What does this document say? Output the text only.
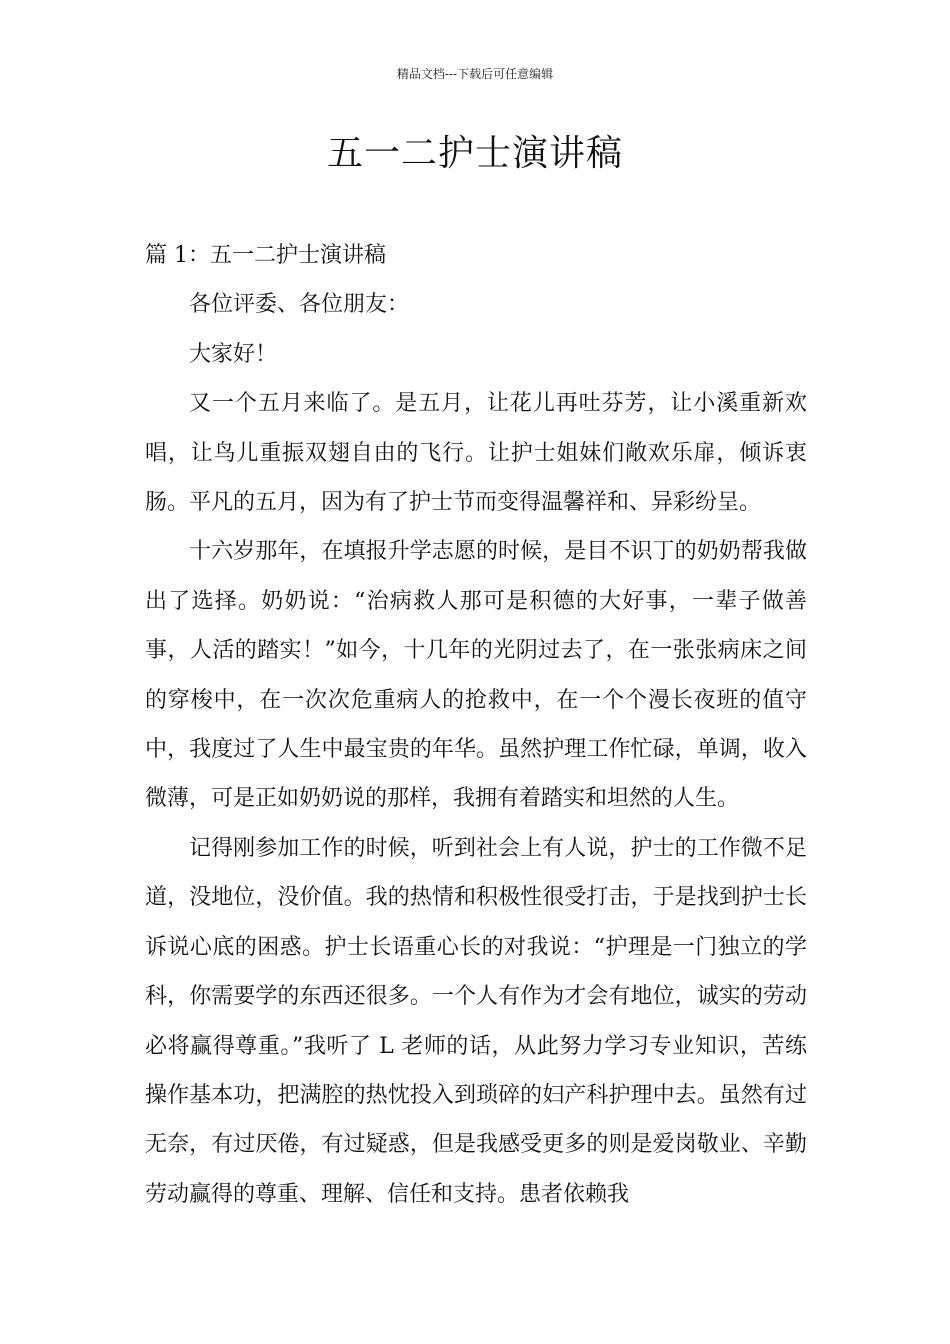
精品文档---下载后可任意编辑
五一二护士演讲稿

篇 1：五一二护士演讲稿

各位评委、各位朋友：

大家好！

又一个五月来临了。是五月，让花儿再吐芬芳，让小溪重新欢唱，让鸟儿重振双翅自由的飞行。让护士姐妹们敞欢乐扉，倾诉衷肠。平凡的五月，因为有了护士节而变得温馨祥和、异彩纷呈。

十六岁那年，在填报升学志愿的时候，是目不识丁的奶奶帮我做出了选择。奶奶说：“治病救人那可是积德的大好事，一辈子做善事，人活的踏实！”如今，十几年的光阴过去了，在一张张病床之间的穿梭中，在一次次危重病人的抢救中，在一个个漫长夜班的值守中，我度过了人生中最宝贵的年华。虽然护理工作忙碌，单调，收入微薄，可是正如奶奶说的那样，我拥有着踏实和坦然的人生。

记得刚参加工作的时候，听到社会上有人说，护士的工作微不足道，没地位，没价值。我的热情和积极性很受打击，于是找到护士长诉说心底的困惑。护士长语重心长的对我说：“护理是一门独立的学科，你需要学的东西还很多。一个人有作为才会有地位，诚实的劳动必将赢得尊重。”我听了 L 老师的话，从此努力学习专业知识，苦练操作基本功，把满腔的热忱投入到琐碎的妇产科护理中去。虽然有过无奈，有过厌倦，有过疑惑，但是我感受更多的则是爱岗敬业、辛勤劳动赢得的尊重、理解、信任和支持。患者依赖我
